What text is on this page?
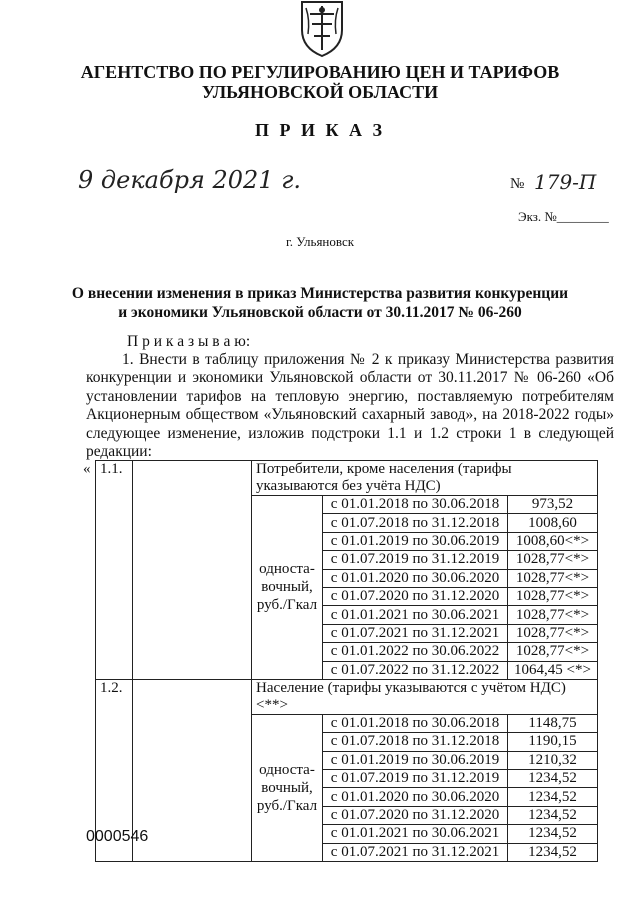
АГЕНТСТВО ПО РЕГУЛИРОВАНИЮ ЦЕН И ТАРИФОВ
УЛЬЯНОВСКОЙ ОБЛАСТИ
П Р И К А З
9 декабря 2021 г.	№ 179-П
Экз. №________
г. Ульяновск
О внесении изменения в приказ Министерства развития конкуренции
и экономики Ульяновской области от 30.11.2017 № 06-260
П р и к а з ы в а ю:
1. Внести в таблицу приложения № 2 к приказу Министерства развития конкуренции и экономики Ульяновской области от 30.11.2017 № 06-260 «Об установлении тарифов на тепловую энергию, поставляемую потребителям Акционерным обществом «Ульяновский сахарный завод», на 2018-2022 годы» следующее изменение, изложив подстроки 1.1 и 1.2 строки 1 в следующей редакции:
« 1.1.		Потребители, кроме населения (тарифы указываются без учёта НДС)		
		односта-вочный, руб./Гкал	с 01.01.2018 по 30.06.2018	973,52
			с 01.07.2018 по 31.12.2018	1008,60
			с 01.01.2019 по 30.06.2019	1008,60<*>
			с 01.07.2019 по 31.12.2019	1028,77<*>
			с 01.01.2020 по 30.06.2020	1028,77<*>
			с 01.07.2020 по 31.12.2020	1028,77<*>
			с 01.01.2021 по 30.06.2021	1028,77<*>
			с 01.07.2021 по 31.12.2021	1028,77<*>
			с 01.01.2022 по 30.06.2022	1028,77<*>
			с 01.07.2022 по 31.12.2022	1064,45 <*>
1.2.		Население (тарифы указываются с учётом НДС) <**>		
		односта-вочный, руб./Гкал	с 01.01.2018 по 30.06.2018	1148,75
			с 01.07.2018 по 31.12.2018	1190,15
			с 01.01.2019 по 30.06.2019	1210,32
			с 01.07.2019 по 31.12.2019	1234,52
			с 01.01.2020 по 30.06.2020	1234,52
			с 01.07.2020 по 31.12.2020	1234,52
			с 01.01.2021 по 30.06.2021	1234,52
			с 01.07.2021 по 31.12.2021	1234,52
0000546
